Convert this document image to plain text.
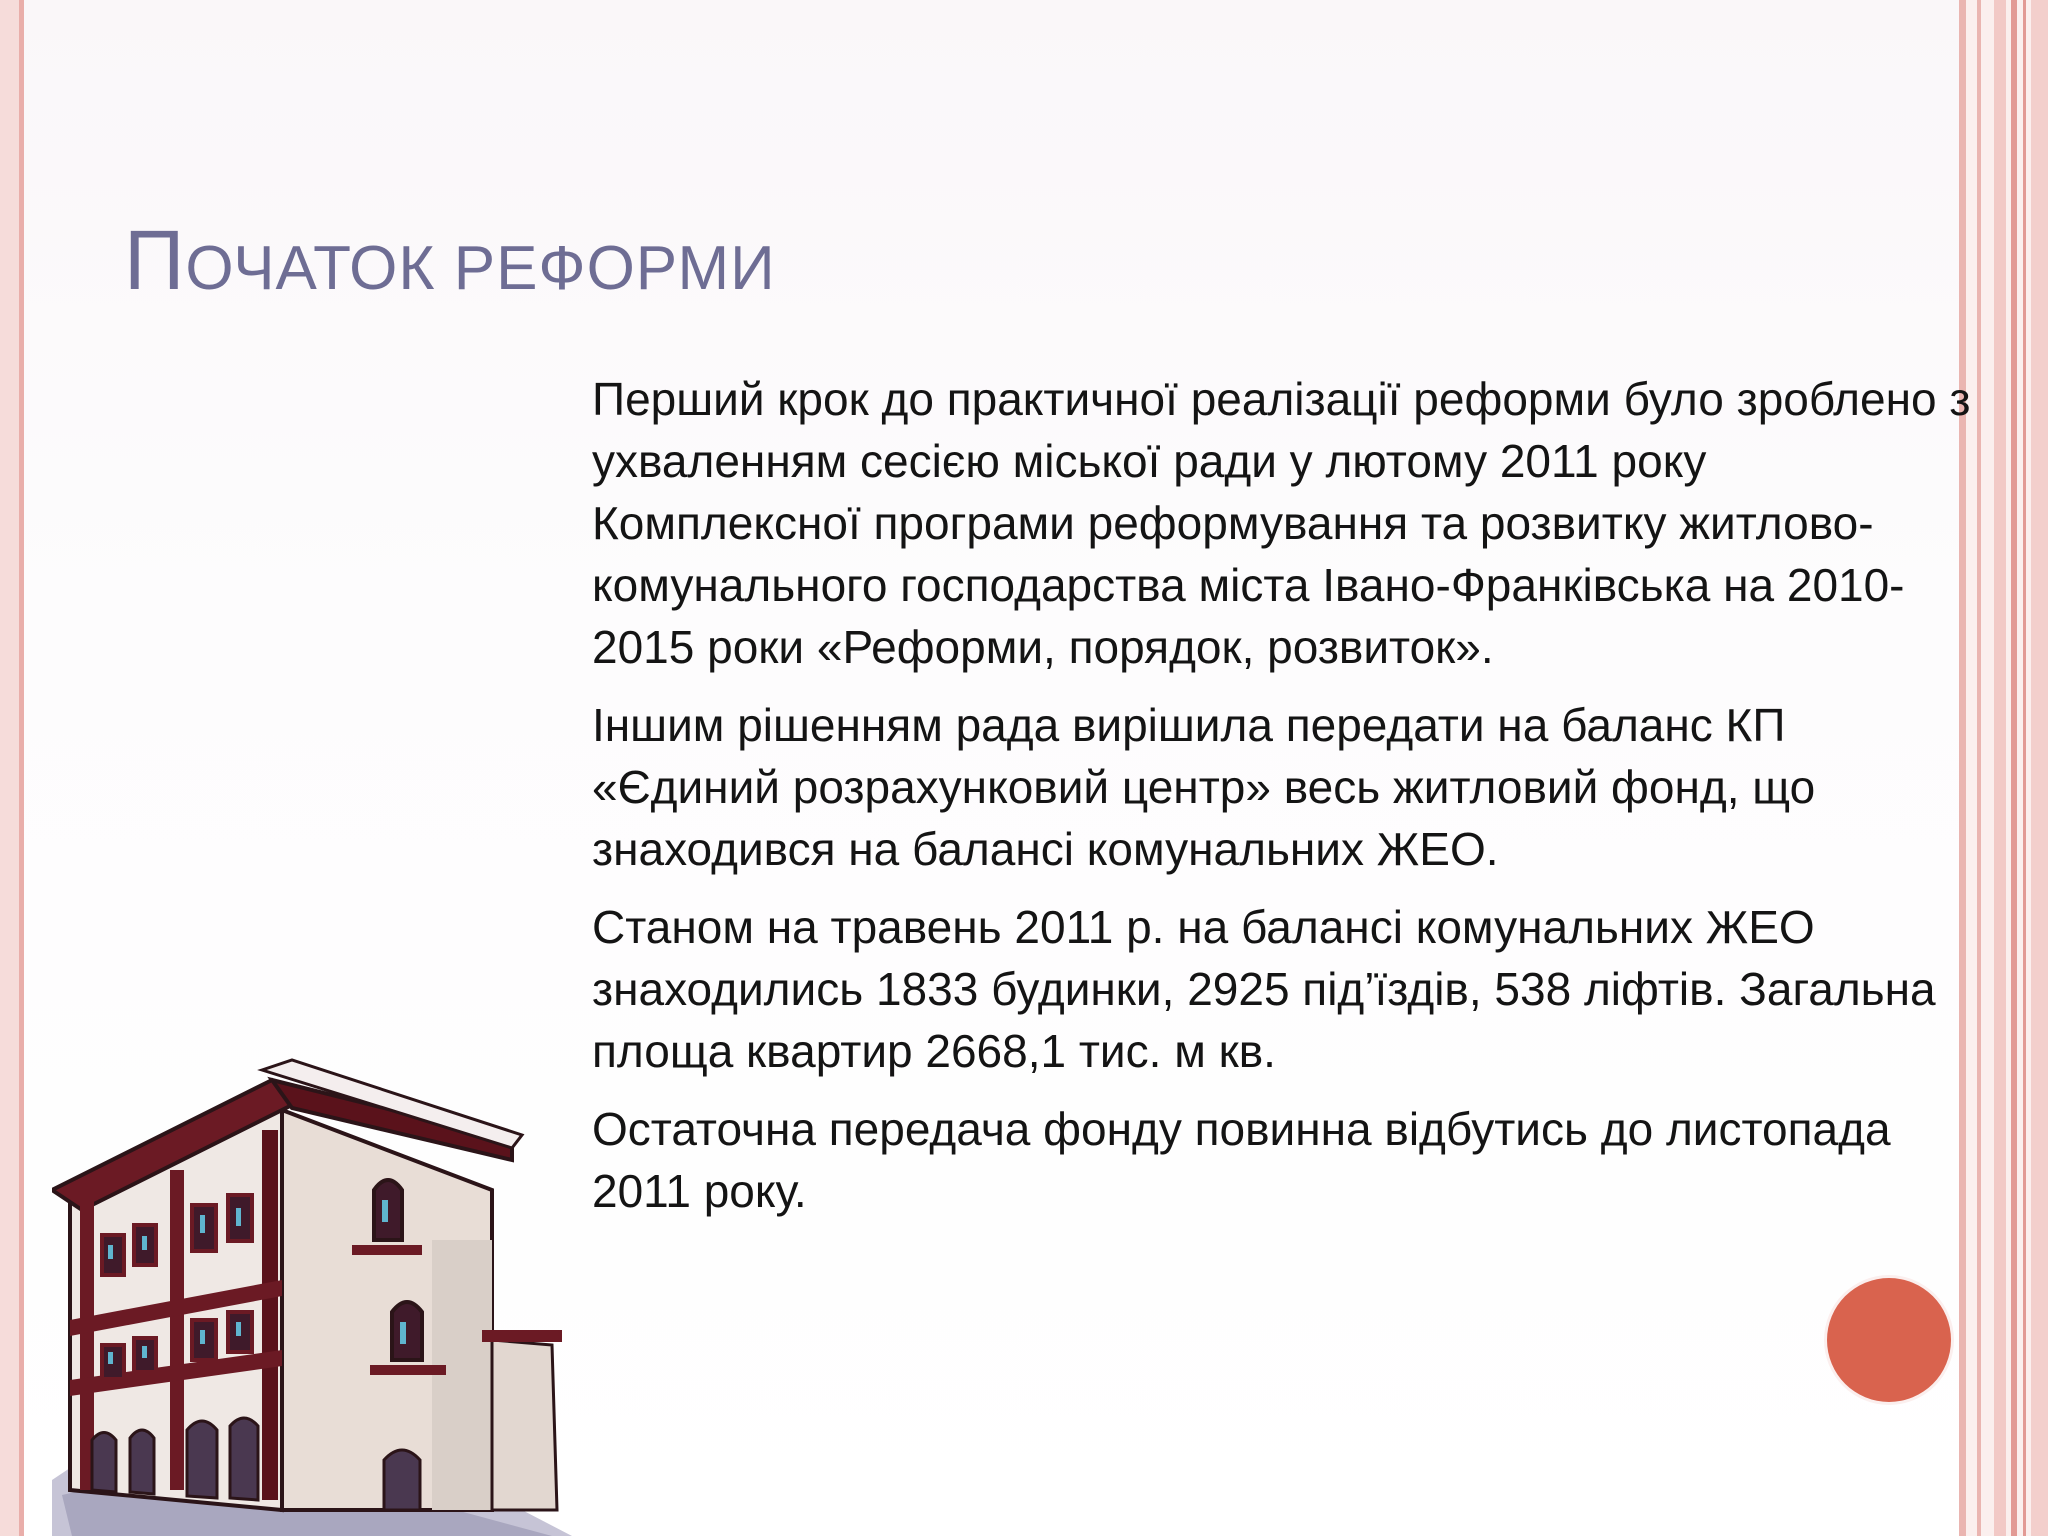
ПОЧАТОК РЕФОРМИ

Перший крок до практичної реалізації реформи було зроблено з ухваленням сесією міської ради у лютому 2011 року Комплексної програми реформування та розвитку житлово-комунального господарства міста Івано-Франківська на 2010-2015 роки «Реформи, порядок, розвиток».

Іншим рішенням рада вирішила передати на баланс КП «Єдиний розрахунковий центр» весь житловий фонд, що знаходився на балансі комунальних ЖЕО.

Станом на травень 2011 р. на балансі комунальних ЖЕО знаходились 1833 будинки, 2925 під’їздів, 538 ліфтів. Загальна площа квартир 2668,1 тис. м кв.

Остаточна передача фонду повинна відбутись до листопада 2011 року.
